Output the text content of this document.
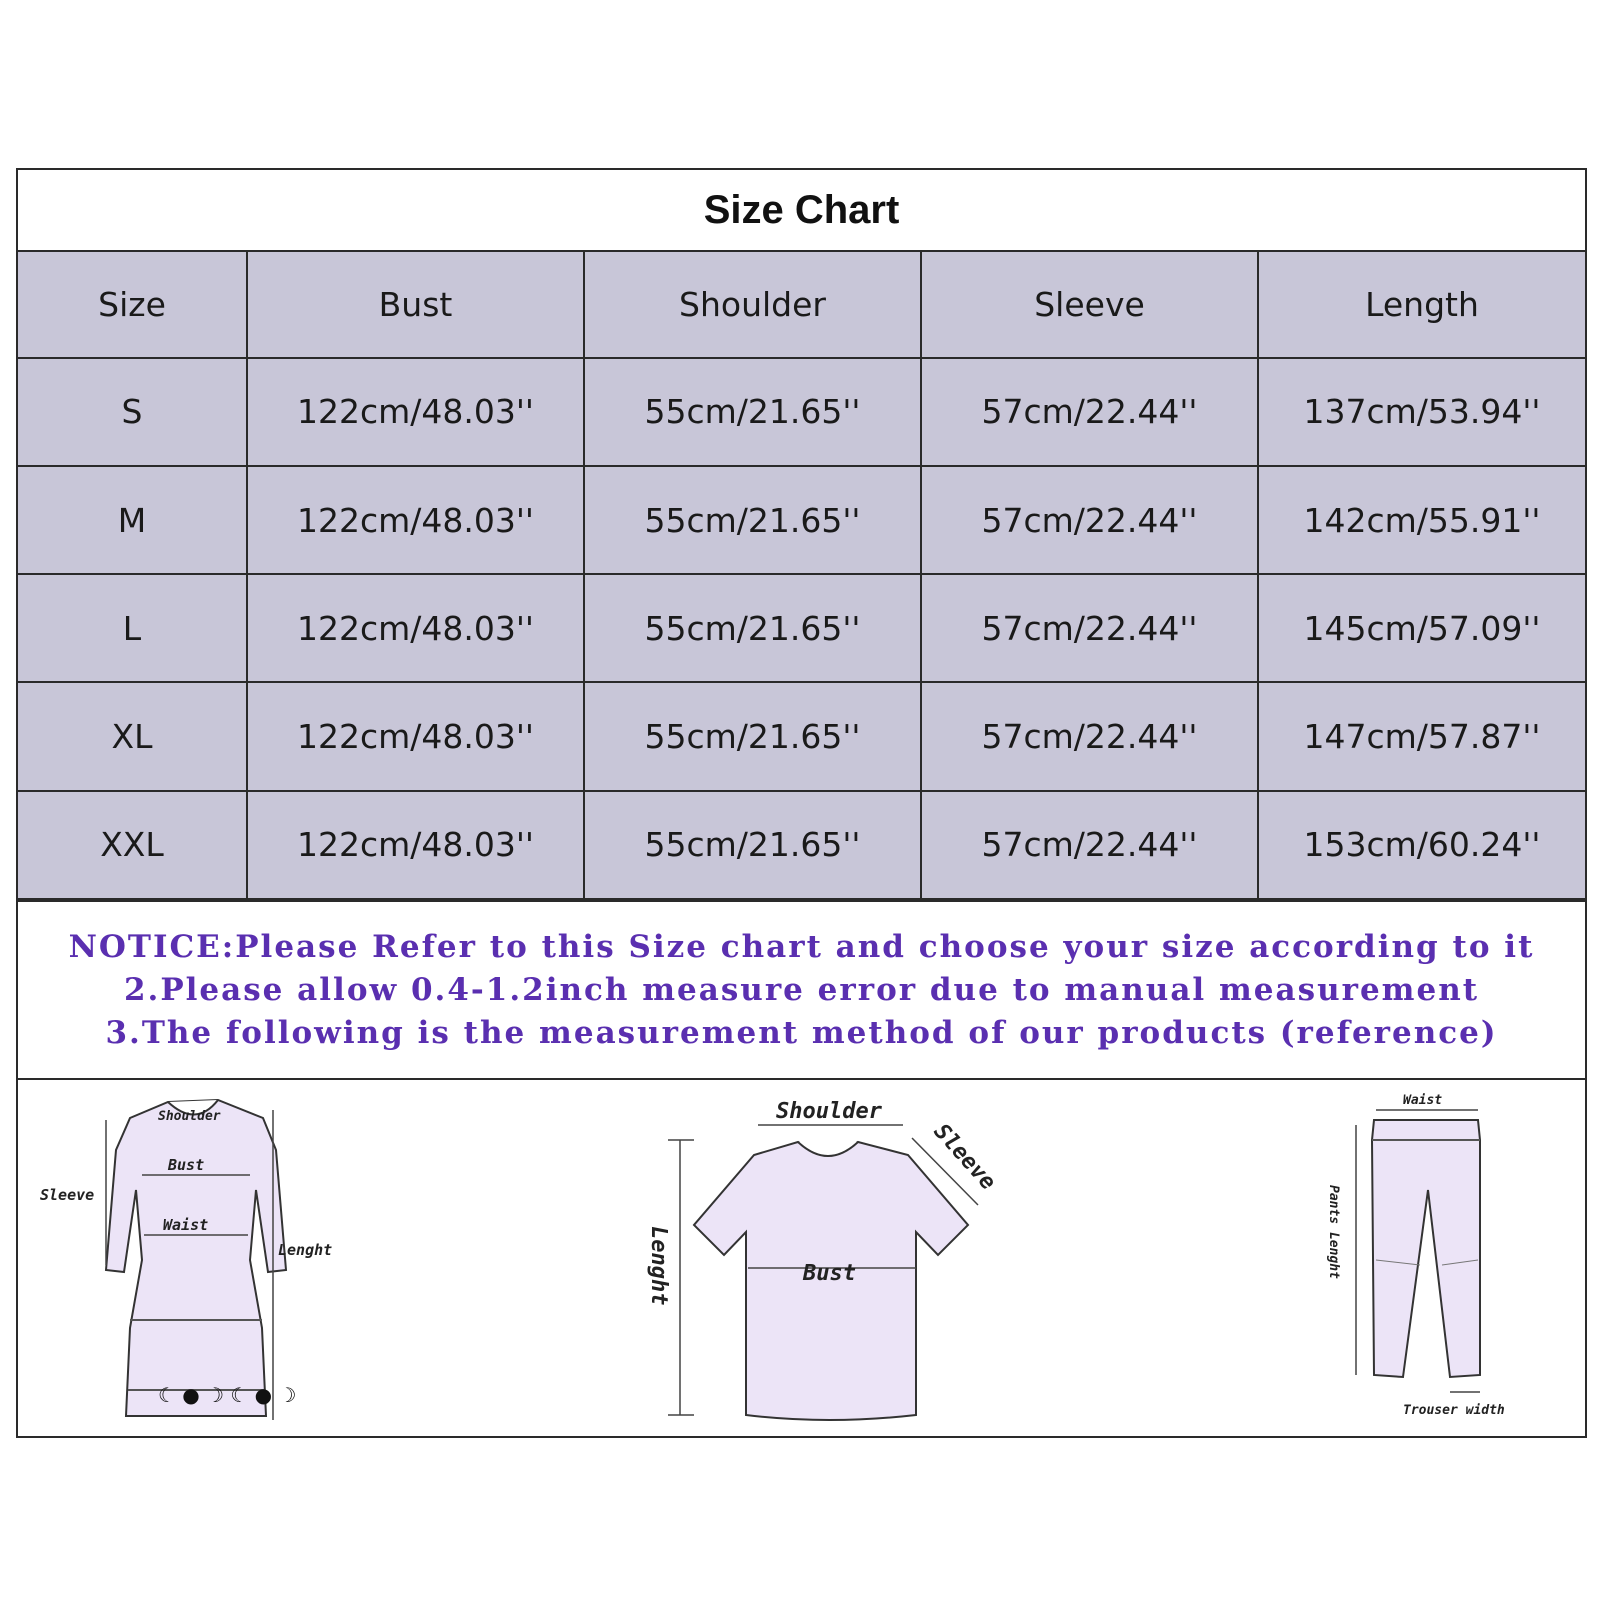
Size Chart
Size	Bust	Shoulder	Sleeve	Length
S	122cm/48.03''	55cm/21.65''	57cm/22.44''	137cm/53.94''
M	122cm/48.03''	55cm/21.65''	57cm/22.44''	142cm/55.91''
L	122cm/48.03''	55cm/21.65''	57cm/22.44''	145cm/57.09''
XL	122cm/48.03''	55cm/21.65''	57cm/22.44''	147cm/57.87''
XXL	122cm/48.03''	55cm/21.65''	57cm/22.44''	153cm/60.24''
NOTICE:Please Refer to this Size chart and choose your size according to it
2.Please allow 0.4-1.2inch measure error due to manual measurement
3.The following is the measurement method of our products (reference)
☾ ● ☽ ☾ ● ☽
Shoulder
Bust
Sleeve
Waist
Lenght
Shoulder
Sleeve
Bust
Lenght
Waist
Pants Lenght
Trouser width
